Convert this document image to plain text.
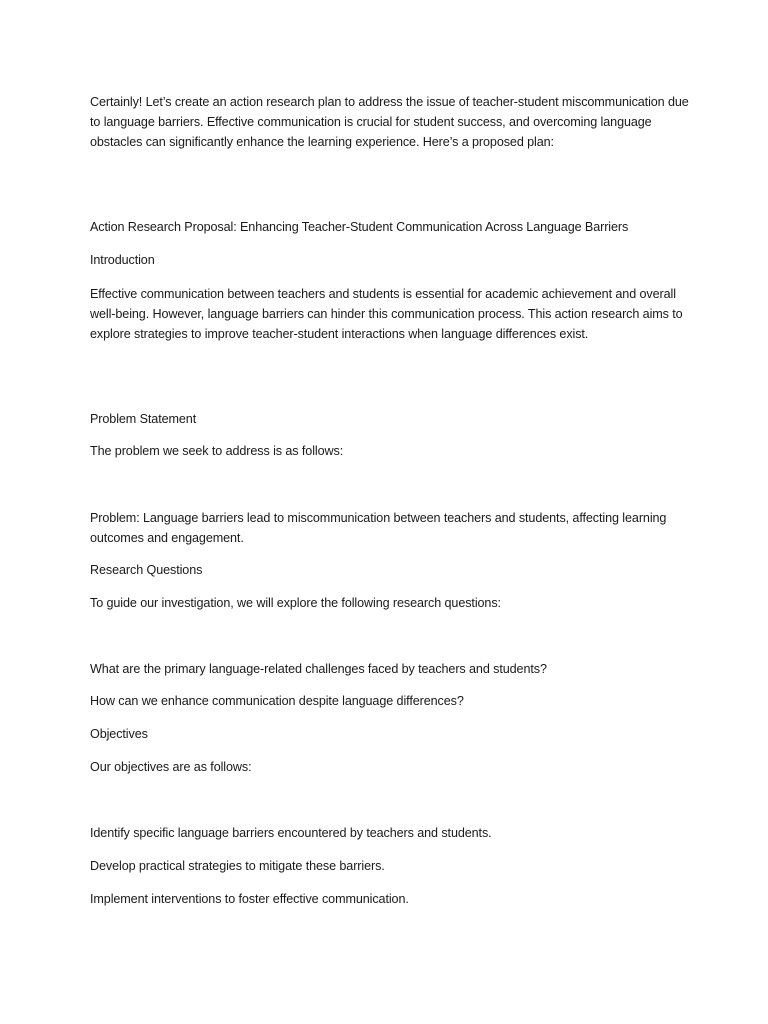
Certainly! Let’s create an action research plan to address the issue of teacher-student miscommunication due to language barriers. Effective communication is crucial for student success, and overcoming language obstacles can significantly enhance the learning experience. Here’s a proposed plan:
Action Research Proposal: Enhancing Teacher-Student Communication Across Language Barriers
Introduction
Effective communication between teachers and students is essential for academic achievement and overall well-being. However, language barriers can hinder this communication process. This action research aims to explore strategies to improve teacher-student interactions when language differences exist.
Problem Statement
The problem we seek to address is as follows:
Problem: Language barriers lead to miscommunication between teachers and students, affecting learning outcomes and engagement.
Research Questions
To guide our investigation, we will explore the following research questions:
What are the primary language-related challenges faced by teachers and students?
How can we enhance communication despite language differences?
Objectives
Our objectives are as follows:
Identify specific language barriers encountered by teachers and students.
Develop practical strategies to mitigate these barriers.
Implement interventions to foster effective communication.
